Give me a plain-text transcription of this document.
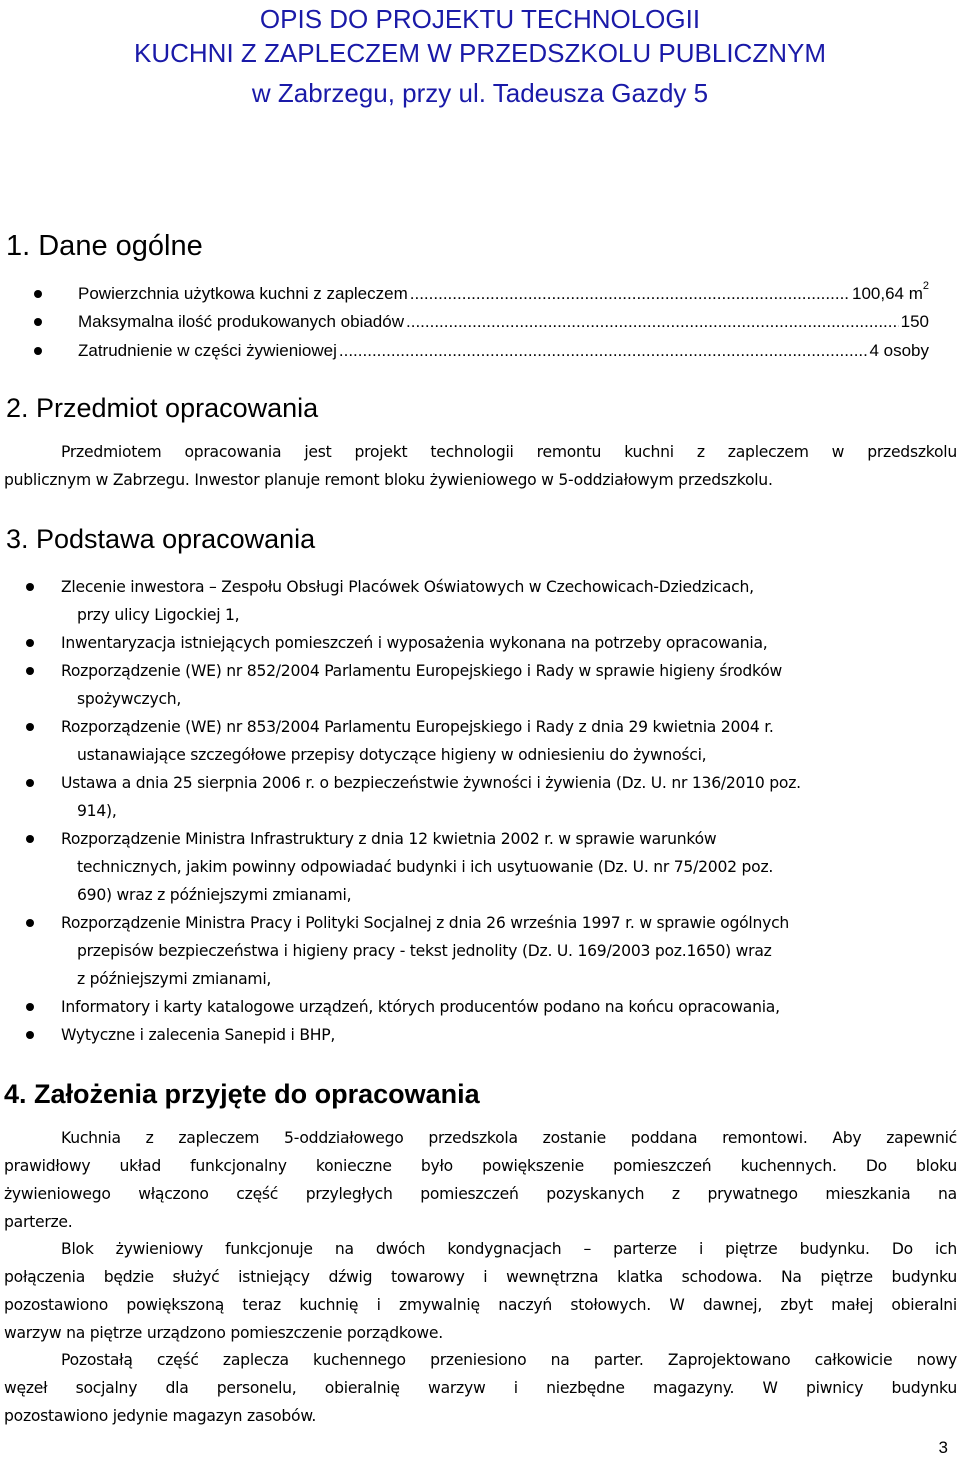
OPIS DO PROJEKTU TECHNOLOGII
KUCHNI Z ZAPLECZEM W PRZEDSZKOLU PUBLICZNYM
w Zabrzegu, przy ul. Tadeusza Gazdy 5
1. Dane ogólne
Powierzchnia użytkowa kuchni z zapleczem .....	100,64 $m^2$
Maksymalna ilość produkowanych obiadów .....	150
Zatrudnienie w części żywieniowej .....	4 osoby
2. Przedmiot opracowania

Przedmiotem opracowania jest projekt technologii remontu kuchni z zapleczem w przedszkolu

publicznym w Zabrzegu. Inwestor planuje remont bloku żywieniowego w 5-oddziałowym przedszkolu.

3. Podstawa opracowania

Zlecenie inwestora – Zespołu Obsługi Placówek Oświatowych w Czechowicach-Dziedzicach,
przy ulicy Ligockiej 1,

Inwentaryzacja istniejących pomieszczeń i wyposażenia wykonana na potrzeby opracowania,

Rozporządzenie (WE) nr 852/2004 Parlamentu Europejskiego i Rady w sprawie higieny środków
spożywczych,

Rozporządzenie (WE) nr 853/2004 Parlamentu Europejskiego i Rady z dnia 29 kwietnia 2004 r.
ustanawiające szczegółowe przepisy dotyczące higieny w odniesieniu do żywności,

Ustawa a dnia 25 sierpnia 2006 r. o bezpieczeństwie żywności i żywienia (Dz. U. nr 136/2010 poz.
914),

Rozporządzenie Ministra Infrastruktury z dnia 12 kwietnia 2002 r. w sprawie warunków
technicznych, jakim powinny odpowiadać budynki i ich usytuowanie (Dz. U. nr 75/2002 poz.
690) wraz z późniejszymi zmianami,

Rozporządzenie Ministra Pracy i Polityki Socjalnej z dnia 26 września 1997 r. w sprawie ogólnych
przepisów bezpieczeństwa i higieny pracy - tekst jednolity (Dz. U. 169/2003 poz.1650) wraz
z późniejszymi zmianami,

Informatory i karty katalogowe urządzeń, których producentów podano na końcu opracowania,

Wytyczne i zalecenia Sanepid i BHP,

4. Założenia przyjęte do opracowania

Kuchnia z zapleczem 5-oddziałowego przedszkola zostanie poddana remontowi. Aby zapewnić

prawidłowy układ funkcjonalny konieczne było powiększenie pomieszczeń kuchennych. Do bloku

żywieniowego włączono część przyległych pomieszczeń pozyskanych z prywatnego mieszkania na

parterze.

Blok żywieniowy funkcjonuje na dwóch kondygnacjach – parterze i piętrze budynku. Do ich

połączenia będzie służyć istniejący dźwig towarowy i wewnętrzna klatka schodowa. Na piętrze budynku

pozostawiono powiększoną teraz kuchnię i zmywalnię naczyń stołowych. W dawnej, zbyt małej obieralni

warzyw na piętrze urządzono pomieszczenie porządkowe.

Pozostałą część zaplecza kuchennego przeniesiono na parter. Zaprojektowano całkowicie nowy

węzeł socjalny dla personelu, obieralnię warzyw i niezbędne magazyny. W piwnicy budynku

pozostawiono jedynie magazyn zasobów.

3
